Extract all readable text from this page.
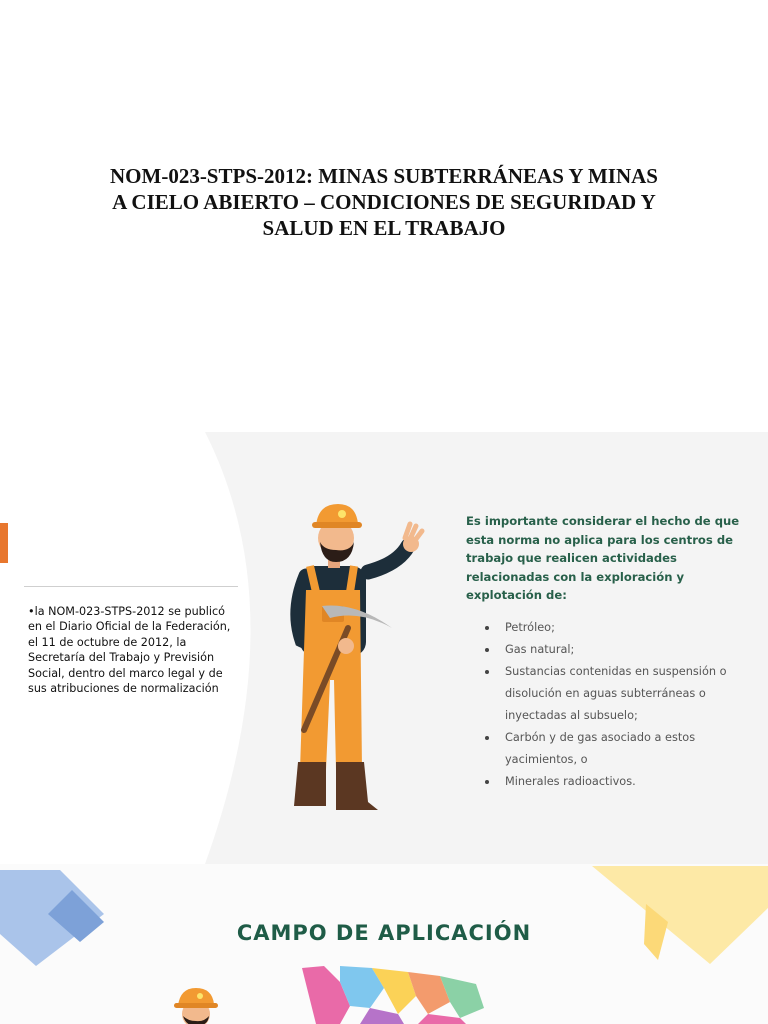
NOM-023-STPS-2012: MINAS SUBTERRÁNEAS Y MINAS A CIELO ABIERTO – CONDICIONES DE SEGURIDAD Y SALUD EN EL TRABAJO

•la NOM-023-STPS-2012 se publicó en el Diario Oficial de la Federación, el 11 de octubre de 2012, la Secretaría del Trabajo y Previsión Social, dentro del marco legal y de sus atribuciones de normalización

Es importante considerar el hecho de que esta norma no aplica para los centros de trabajo que realicen actividades relacionadas con la exploración y explotación de:

Petróleo;
Gas natural;
Sustancias contenidas en suspensión o disolución en aguas subterráneas o inyectadas al subsuelo;
Carbón y de gas asociado a estos yacimientos, o
Minerales radioactivos.
CAMPO DE APLICACIÓN
